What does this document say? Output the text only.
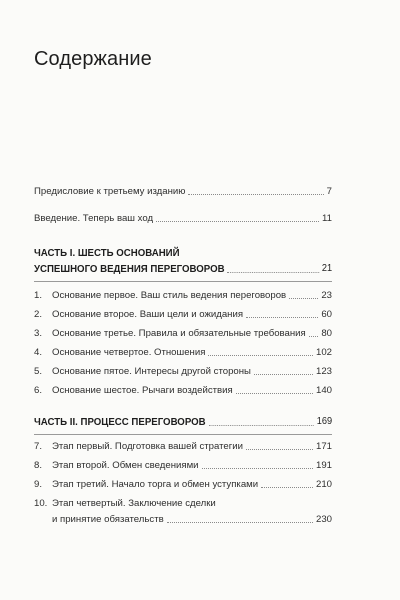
Содержание
Предисловие к третьему изданию	7
Введение. Теперь ваш ход	11
ЧАСТЬ I. ШЕСТЬ ОСНОВАНИЙ
УСПЕШНОГО ВЕДЕНИЯ ПЕРЕГОВОРОВ	21
1.	Основание первое. Ваш стиль ведения переговоров	23
2.	Основание второе. Ваши цели и ожидания	60
3.	Основание третье. Правила и обязательные требования 80
4.	Основание четвертое. Отношения	102
5.	Основание пятое. Интересы другой стороны	123
6.	Основание шестое. Рычаги воздействия	140
ЧАСТЬ II. ПРОЦЕСС ПЕРЕГОВОРОВ	169
7.	Этап первый. Подготовка вашей стратегии	171
8.	Этап второй. Обмен сведениями	191
9.	Этап третий. Начало торга и обмен уступками	210
10. Этап четвертый. Заключение сделки
и принятие обязательств	230
